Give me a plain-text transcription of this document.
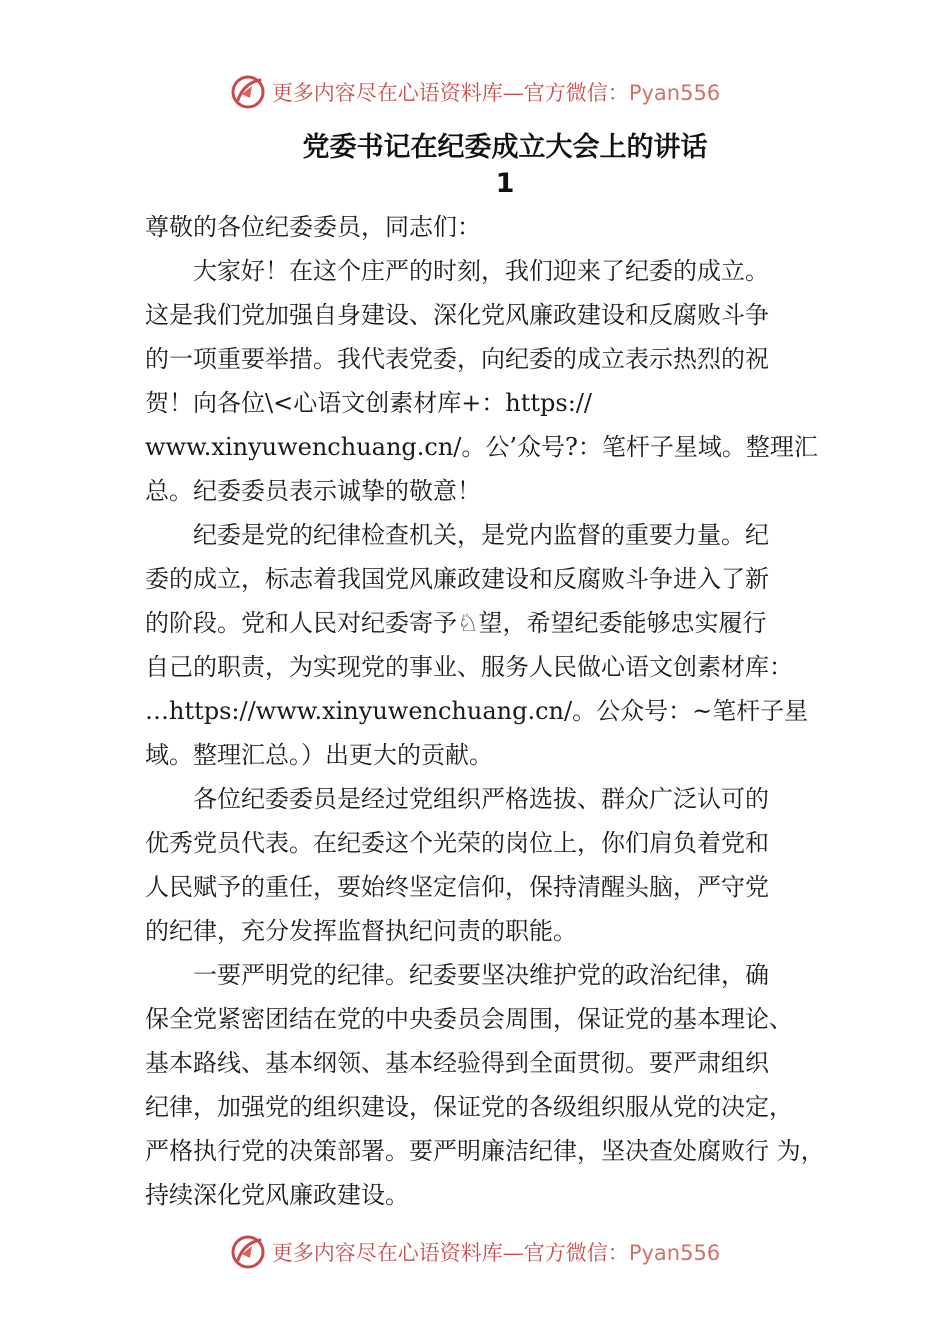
更多内容尽在心语资料库—官方微信：Pyan556
党委书记在纪委成立大会上的讲话
1
尊敬的各位纪委委员，同志们：
大家好！在这个庄严的时刻，我们迎来了纪委的成立。
这是我们党加强自身建设、深化党风廉政建设和反腐败斗争
的一项重要举措。我代表党委，向纪委的成立表示热烈的祝
贺！向各位\<心语文创素材库+：https://
www.xinyuwenchuang.cn/。公’众号?：笔杆子星域。整理汇
总。纪委委员表示诚挚的敬意！
纪委是党的纪律检查机关，是党内监督的重要力量。纪
委的成立，标志着我国党风廉政建设和反腐败斗争进入了新
的阶段。党和人民对纪委寄予♘望，希望纪委能够忠实履行
自己的职责，为实现党的事业、服务人民做心语文创素材库：
…https://www.xinyuwenchuang.cn/。公众号：~笔杆子星
域。整理汇总。）出更大的贡献。
各位纪委委员是经过党组织严格选拔、群众广泛认可的
优秀党员代表。在纪委这个光荣的岗位上，你们肩负着党和
人民赋予的重任，要始终坚定信仰，保持清醒头脑，严守党
的纪律，充分发挥监督执纪问责的职能。
一要严明党的纪律。纪委要坚决维护党的政治纪律，确
保全党紧密团结在党的中央委员会周围，保证党的基本理论、
基本路线、基本纲领、基本经验得到全面贯彻。要严肃组织
纪律，加强党的组织建设，保证党的各级组织服从党的决定，
严格执行党的决策部署。要严明廉洁纪律，坚决查处腐败行 为，
持续深化党风廉政建设。
更多内容尽在心语资料库—官方微信：Pyan556
